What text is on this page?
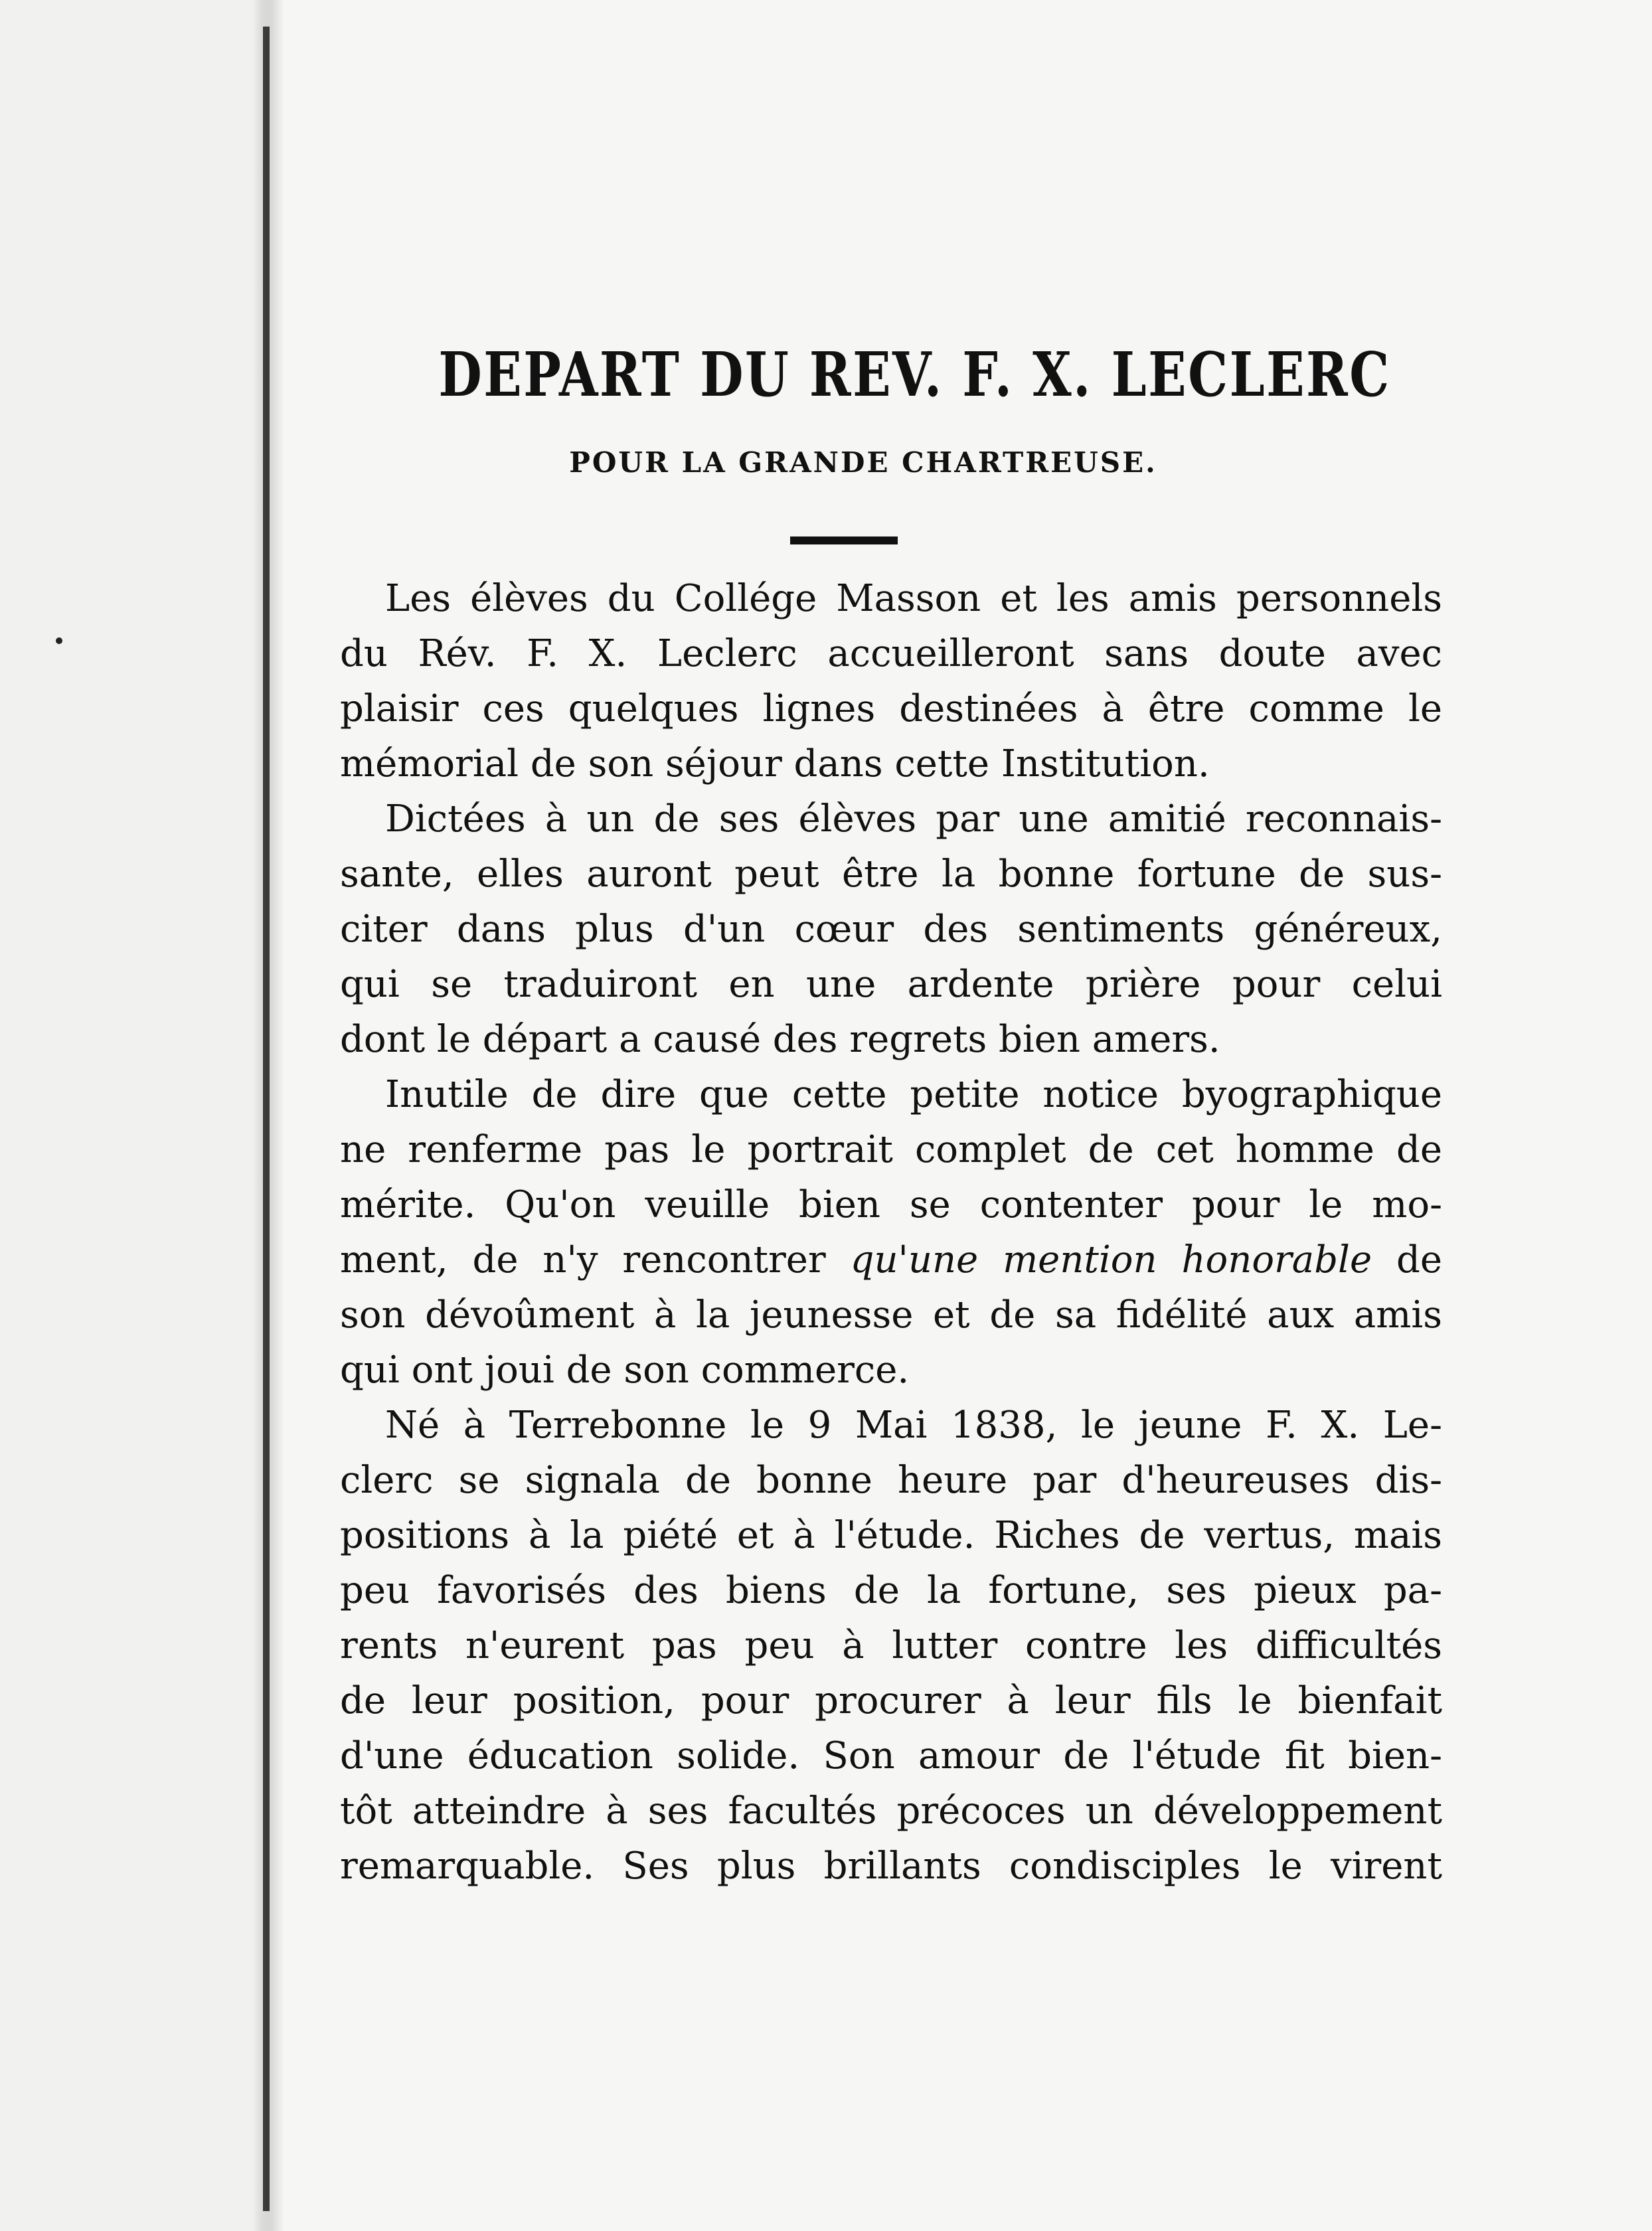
DEPART DU REV. F. X. LECLERC
POUR LA GRANDE CHARTREUSE.
Les élèves du Collége Masson et les amis personnels
du Rév. F. X. Leclerc accueilleront sans doute avec
plaisir ces quelques lignes destinées à être comme le
mémorial de son séjour dans cette Institution.
Dictées à un de ses élèves par une amitié reconnais-
sante, elles auront peut être la bonne fortune de sus-
citer dans plus d'un cœur des sentiments généreux,
qui se traduiront en une ardente prière pour celui
dont le départ a causé des regrets bien amers.
Inutile de dire que cette petite notice byographique
ne renferme pas le portrait complet de cet homme de
mérite. Qu'on veuille bien se contenter pour le mo-
ment, de n'y rencontrer qu'une mention honorable de
son dévoûment à la jeunesse et de sa fidélité aux amis
qui ont joui de son commerce.
Né à Terrebonne le 9 Mai 1838, le jeune F. X. Le-
clerc se signala de bonne heure par d'heureuses dis-
positions à la piété et à l'étude. Riches de vertus, mais
peu favorisés des biens de la fortune, ses pieux pa-
rents n'eurent pas peu à lutter contre les difficultés
de leur position, pour procurer à leur fils le bienfait
d'une éducation solide. Son amour de l'étude fit bien-
tôt atteindre à ses facultés précoces un développement
remarquable. Ses plus brillants condisciples le virent
